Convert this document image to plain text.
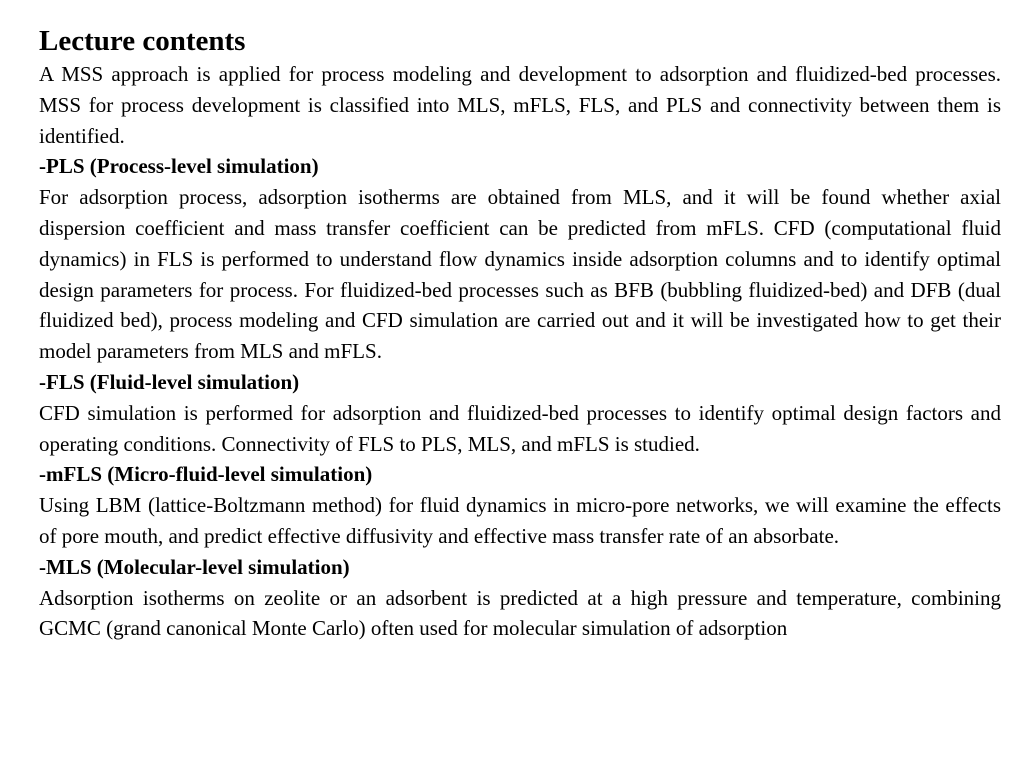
Lecture contents

A MSS approach is applied for process modeling and development to adsorption and fluidized-bed processes. MSS for process development is classified into MLS, mFLS, FLS, and PLS and connectivity between them is identified.

-PLS (Process-level simulation)

For adsorption process, adsorption isotherms are obtained from MLS, and it will be found whether axial dispersion coefficient and mass transfer coefficient can be predicted from mFLS. CFD (computational fluid dynamics) in FLS is performed to understand flow dynamics inside adsorption columns and to identify optimal design parameters for process. For fluidized-bed processes such as BFB (bubbling fluidized-bed) and DFB (dual fluidized bed), process modeling and CFD simulation are carried out and it will be investigated how to get their model parameters from MLS and mFLS.

-FLS (Fluid-level simulation)

CFD simulation is performed for adsorption and fluidized-bed processes to identify optimal design factors and operating conditions. Connectivity of FLS to PLS, MLS, and mFLS is studied.

-mFLS (Micro-fluid-level simulation)

Using LBM (lattice-Boltzmann method) for fluid dynamics in micro-pore networks, we will examine the effects of pore mouth, and predict effective diffusivity and effective mass transfer rate of an absorbate.

-MLS (Molecular-level simulation)

Adsorption isotherms on zeolite or an adsorbent is predicted at a high pressure and temperature, combining GCMC (grand canonical Monte Carlo) often used for molecular simulation of adsorption
